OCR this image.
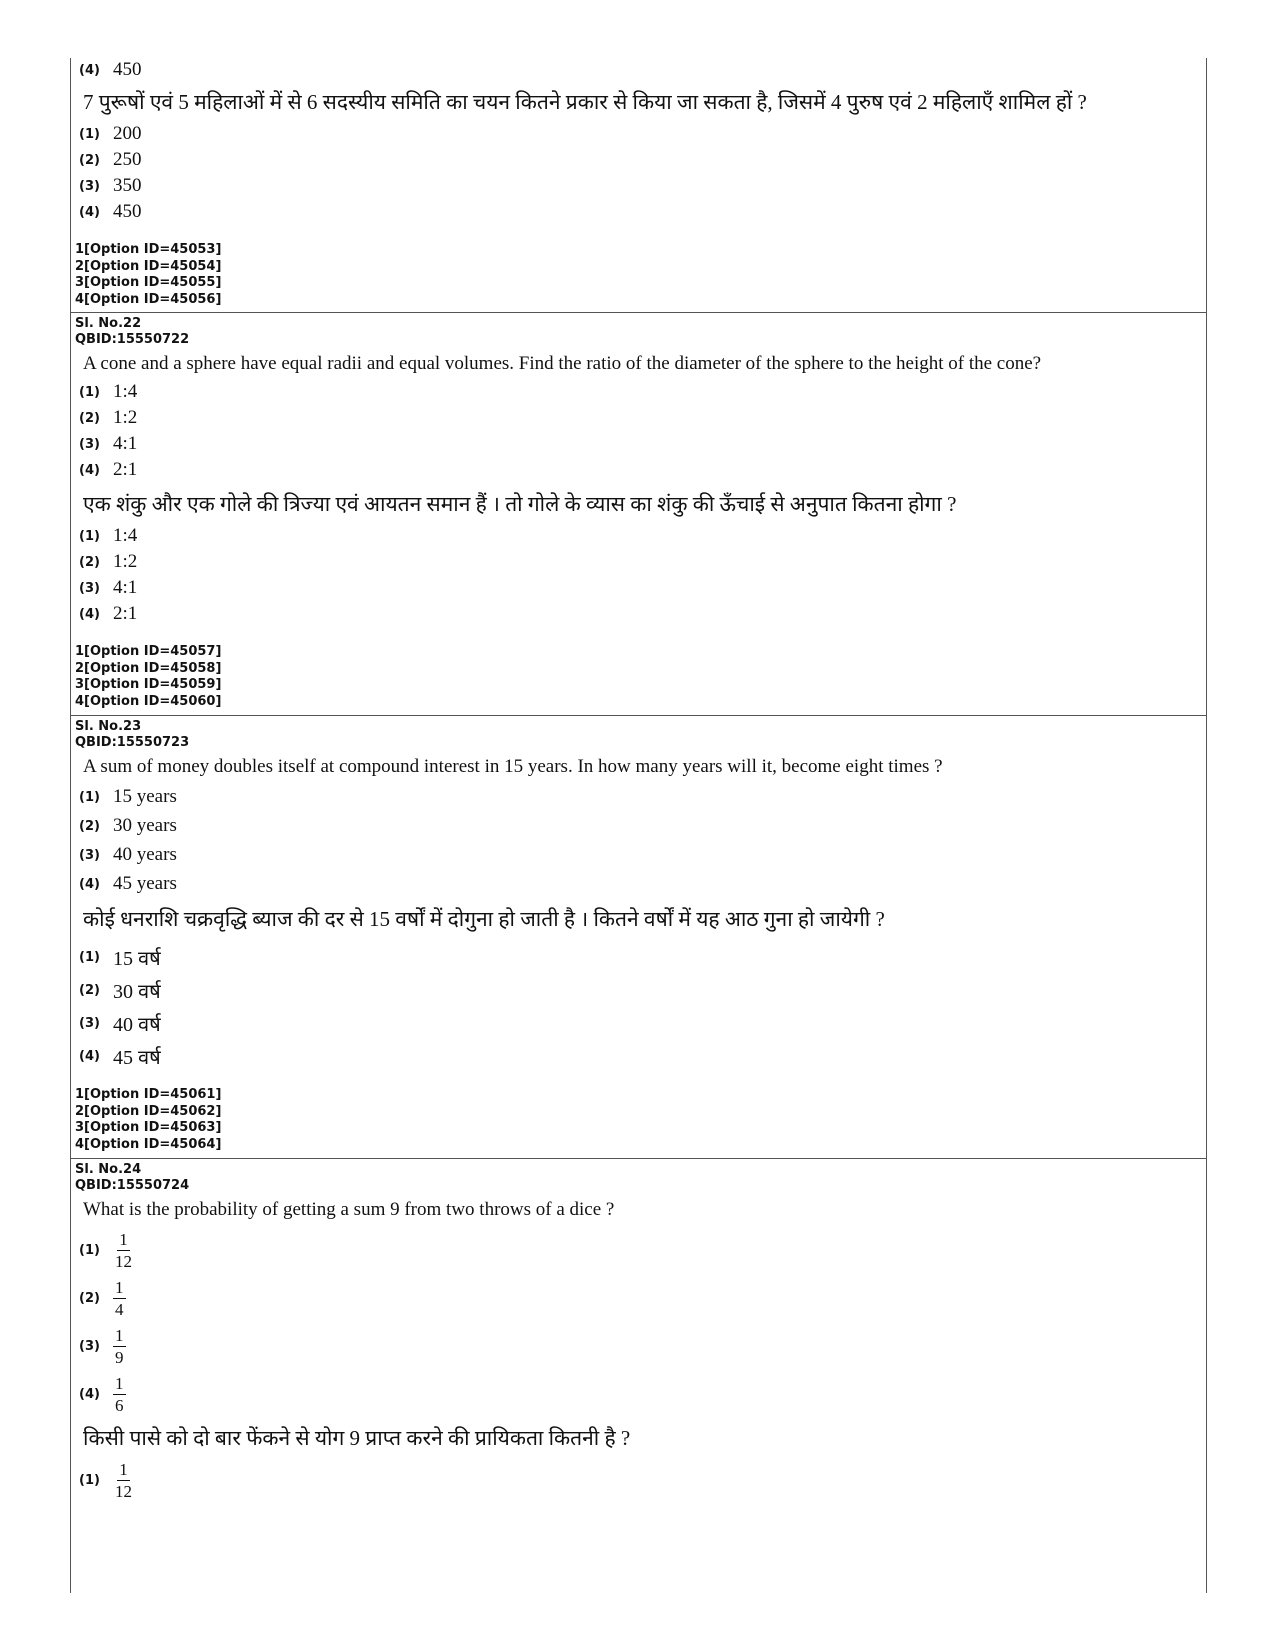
(4) 450
7 पुरूषों एवं 5 महिलाओं में से 6 सदस्यीय समिति का चयन कितने प्रकार से किया जा सकता है, जिसमें 4 पुरुष एवं 2 महिलाएँ शामिल हों ?
(1) 200
(2) 250
(3) 350
(4) 450
1[Option ID=45053]
2[Option ID=45054]
3[Option ID=45055]
4[Option ID=45056]
Sl. No.22
QBID:15550722
A cone and a sphere have equal radii and equal volumes. Find the ratio of the diameter of the sphere to the height of the cone?
(1) 1:4
(2) 1:2
(3) 4:1
(4) 2:1
एक शंकु और एक गोले की त्रिज्या एवं आयतन समान हैं । तो गोले के व्यास का शंकु की ऊँचाई से अनुपात कितना होगा ?
(1) 1:4
(2) 1:2
(3) 4:1
(4) 2:1
1[Option ID=45057]
2[Option ID=45058]
3[Option ID=45059]
4[Option ID=45060]
Sl. No.23
QBID:15550723
A sum of money doubles itself at compound interest in 15 years. In how many years will it, become eight times ?
(1) 15 years
(2) 30 years
(3) 40 years
(4) 45 years
कोई धनराशि चक्रवृद्धि ब्याज की दर से 15 वर्षों में दोगुना हो जाती है । कितने वर्षों में यह आठ गुना हो जायेगी ?
(1) 15 वर्ष
(2) 30 वर्ष
(3) 40 वर्ष
(4) 45 वर्ष
1[Option ID=45061]
2[Option ID=45062]
3[Option ID=45063]
4[Option ID=45064]
Sl. No.24
QBID:15550724
What is the probability of getting a sum 9 from two throws of a dice ?
$(1) \frac{1}{12}$
$(2) \frac{1}{4}$
$(3) \frac{1}{9}$
$(4) \frac{1}{6}$
किसी पासे को दो बार फेंकने से योग 9 प्राप्त करने की प्रायिकता कितनी है ?
$(1) \frac{1}{12}$
